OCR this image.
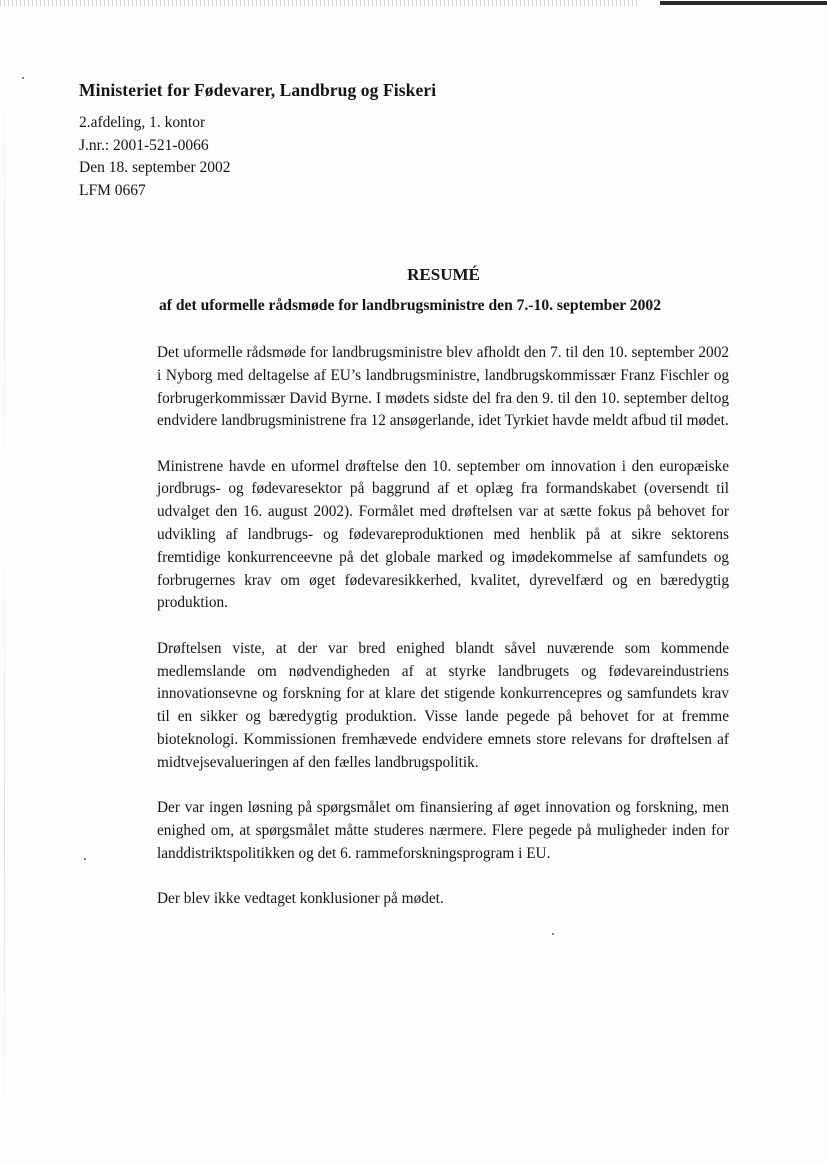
Ministeriet for Fødevarer, Landbrug og Fiskeri

2.afdeling, 1. kontor

J.nr.: 2001-521-0066

Den 18. september 2002

LFM 0667

RESUMÉ
af det uformelle rådsmøde for landbrugsministre den 7.-10. september 2002

Det uformelle rådsmøde for landbrugsministre blev afholdt den 7. til den 10. september 2002 i Nyborg med deltagelse af EU’s landbrugsministre, landbrugskommissær Franz Fischler og forbrugerkommissær David Byrne. I mødets sidste del fra den 9. til den 10. september deltog endvidere landbrugsministrene fra 12 ansøgerlande, idet Tyrkiet havde meldt afbud til mødet.

Ministrene havde en uformel drøftelse den 10. september om innovation i den europæiske jordbrugs- og fødevaresektor på baggrund af et oplæg fra formandskabet (oversendt til udvalget den 16. august 2002). Formålet med drøftelsen var at sætte fokus på behovet for udvikling af landbrugs- og fødevareproduktionen med henblik på at sikre sektorens fremtidige konkurrenceevne på det globale marked og imødekommelse af samfundets og forbrugernes krav om øget fødevaresikkerhed, kvalitet, dyrevelfærd og en bæredygtig produktion.

Drøftelsen viste, at der var bred enighed blandt såvel nuværende som kommende medlemslande om nødvendigheden af at styrke landbrugets og fødevareindustriens innovationsevne og forskning for at klare det stigende konkurrencepres og samfundets krav til en sikker og bæredygtig produktion. Visse lande pegede på behovet for at fremme bioteknologi. Kommissionen fremhævede endvidere emnets store relevans for drøftelsen af midtvejsevalueringen af den fælles landbrugspolitik.

Der var ingen løsning på spørgsmålet om finansiering af øget innovation og forskning, men enighed om, at spørgsmålet måtte studeres nærmere. Flere pegede på muligheder inden for landdistriktspolitikken og det 6. rammeforskningsprogram i EU.

Der blev ikke vedtaget konklusioner på mødet.
